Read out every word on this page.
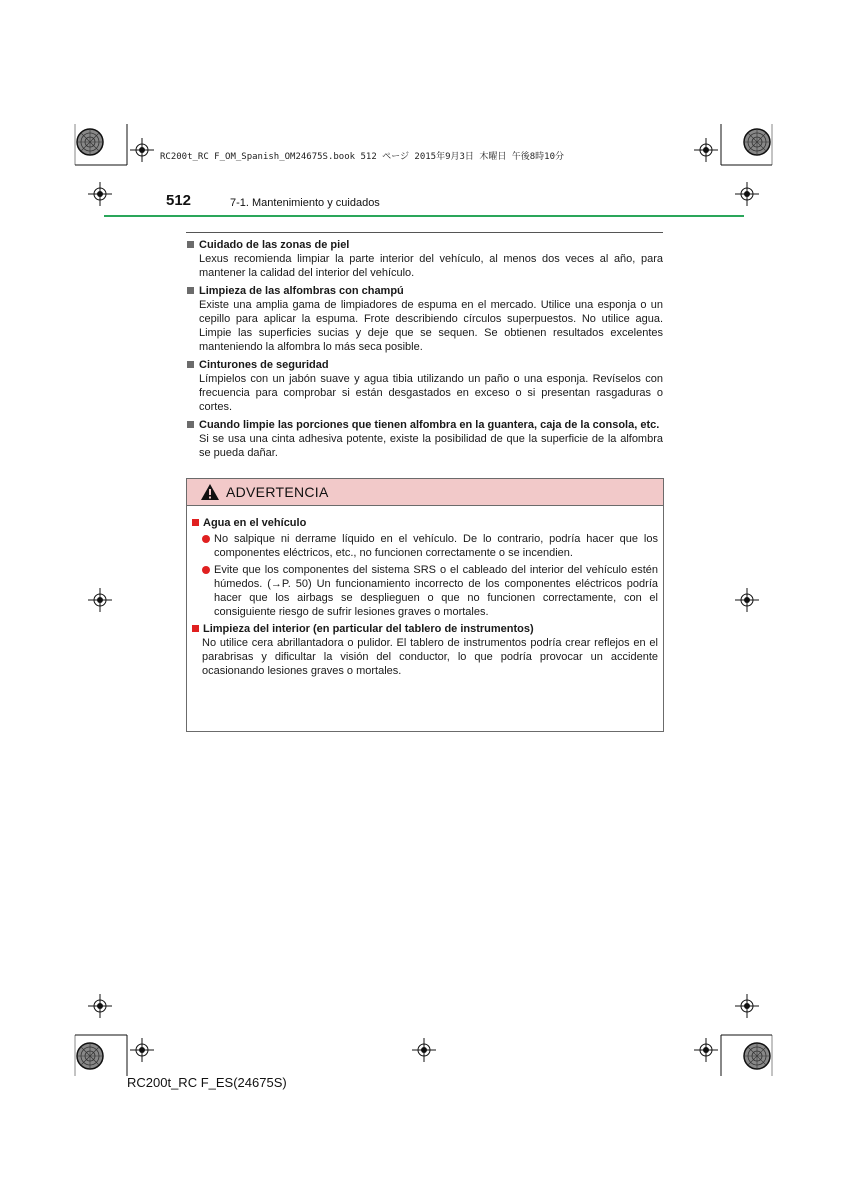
RC200t_RC F_OM_Spanish_OM24675S.book 512 ページ 2015年9月3日 木曜日 午後8時10分
512	7-1. Mantenimiento y cuidados
Cuidado de las zonas de piel
Lexus recomienda limpiar la parte interior del vehículo, al menos dos veces al año, para mantener la calidad del interior del vehículo.
Limpieza de las alfombras con champú
Existe una amplia gama de limpiadores de espuma en el mercado. Utilice una esponja o un cepillo para aplicar la espuma. Frote describiendo círculos superpuestos. No utilice agua. Limpie las superficies sucias y deje que se sequen. Se obtienen resultados excelentes manteniendo la alfombra lo más seca posible.
Cinturones de seguridad
Límpielos con un jabón suave y agua tibia utilizando un paño o una esponja. Revíselos con frecuencia para comprobar si están desgastados en exceso o si presentan rasgaduras o cortes.
Cuando limpie las porciones que tienen alfombra en la guantera, caja de la consola, etc.
Si se usa una cinta adhesiva potente, existe la posibilidad de que la superficie de la alfombra se pueda dañar.
ADVERTENCIA
Agua en el vehículo
No salpique ni derrame líquido en el vehículo. De lo contrario, podría hacer que los componentes eléctricos, etc., no funcionen correctamente o se incendien.
Evite que los componentes del sistema SRS o el cableado del interior del vehículo estén húmedos. (→P. 50) Un funcionamiento incorrecto de los componentes eléctricos podría hacer que los airbags se desplieguen o que no funcionen correctamente, con el consiguiente riesgo de sufrir lesiones graves o mortales.
Limpieza del interior (en particular del tablero de instrumentos)
No utilice cera abrillantadora o pulidor. El tablero de instrumentos podría crear reflejos en el parabrisas y dificultar la visión del conductor, lo que podría provocar un accidente ocasionando lesiones graves o mortales.
RC200t_RC F_ES(24675S)
